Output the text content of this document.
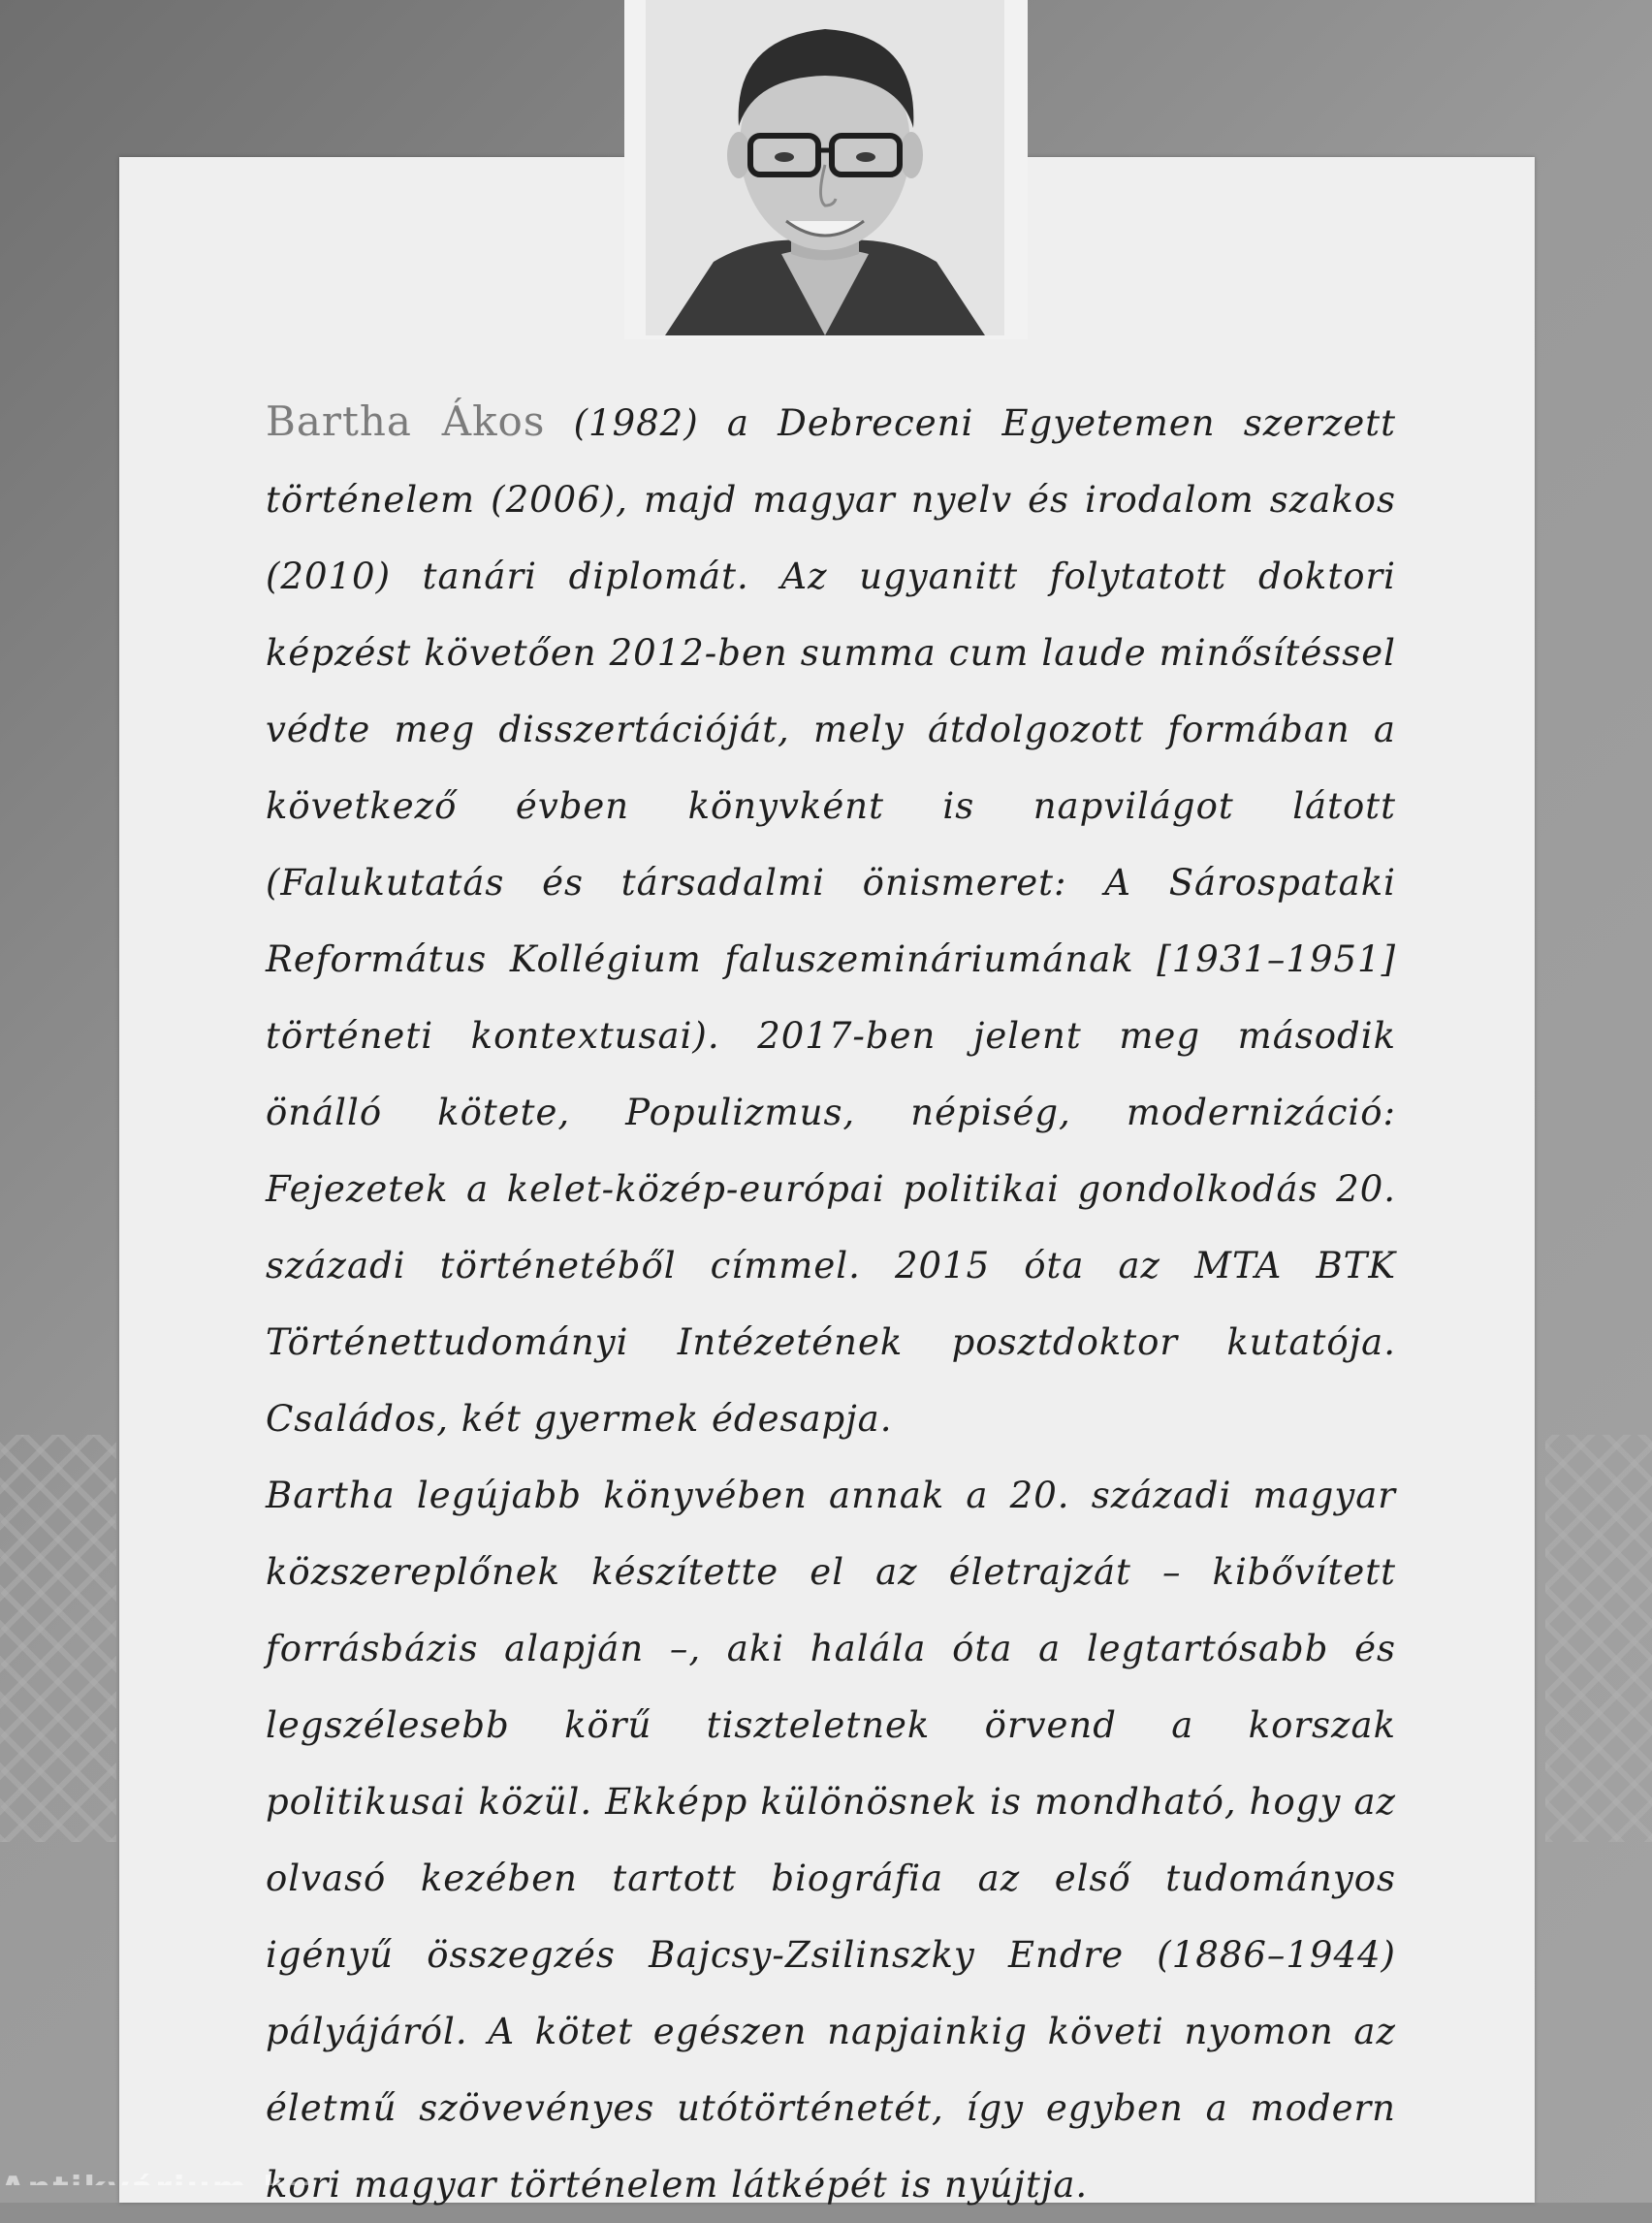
Bartha Ákos (1982) a Debreceni Egyetemen szerzett történelem (2006), majd magyar nyelv és irodalom szakos (2010) tanári diplomát. Az ugyanitt folytatott doktori képzést követően 2012-ben summa cum laude minősítéssel védte meg disszertációját, mely átdolgozott formában a következő évben könyvként is napvilágot látott (Falukutatás és társadalmi önismeret: A Sárospataki Református Kollégium faluszemináriumának [1931–1951] történeti kontextusai). 2017-ben jelent meg második önálló kötete, Populizmus, népiség, modernizáció: Fejezetek a kelet-közép-európai politikai gondolkodás 20. századi történetéből címmel. 2015 óta az MTA BTK Történettudományi Intézetének posztdoktor kutatója. Családos, két gyermek édesapja.

Bartha legújabb könyvében annak a 20. századi magyar közszereplőnek készítette el az életrajzát – kibővített forrásbázis alapján –, aki halála óta a legtartósabb és legszélesebb körű tiszteletnek örvend a korszak politikusai közül. Ekképp különösnek is mondható, hogy az olvasó kezében tartott biográfia az első tudományos igényű összegzés Bajcsy-Zsilinszky Endre (1886–1944) pályájáról. A kötet egészen napjainkig követi nyomon az életmű szövevényes utótörténetét, így egyben a modern kori magyar történelem látképét is nyújtja.
